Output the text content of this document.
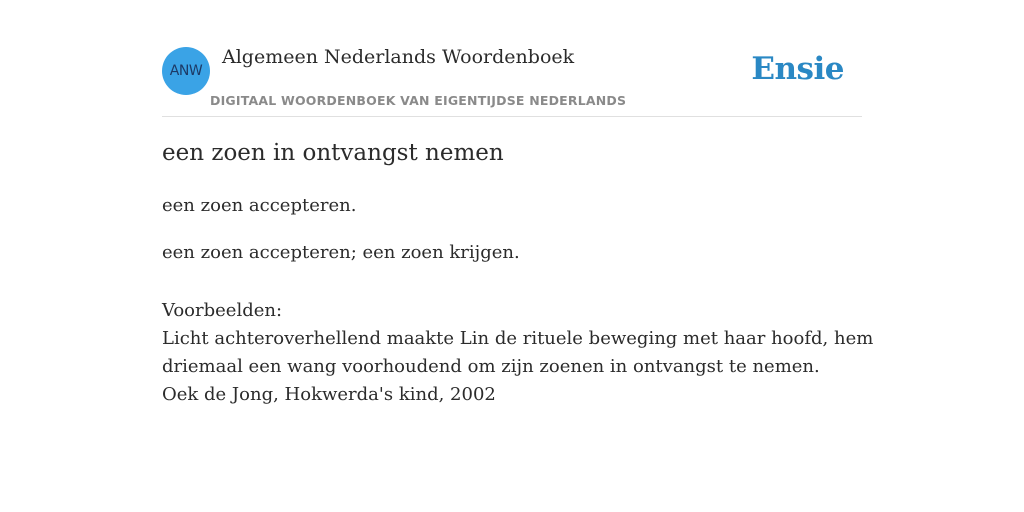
ANW
Algemeen Nederlands Woordenboek
DIGITAAL WOORDENBOEK VAN EIGENTIJDSE NEDERLANDS
Ensie
een zoen in ontvangst nemen
een zoen accepteren.
een zoen accepteren; een zoen krijgen.
Voorbeelden:
Licht achteroverhellend maakte Lin de rituele beweging met haar hoofd, hem
driemaal een wang voorhoudend om zijn zoenen in ontvangst te nemen.
Oek de Jong, Hokwerda's kind, 2002
